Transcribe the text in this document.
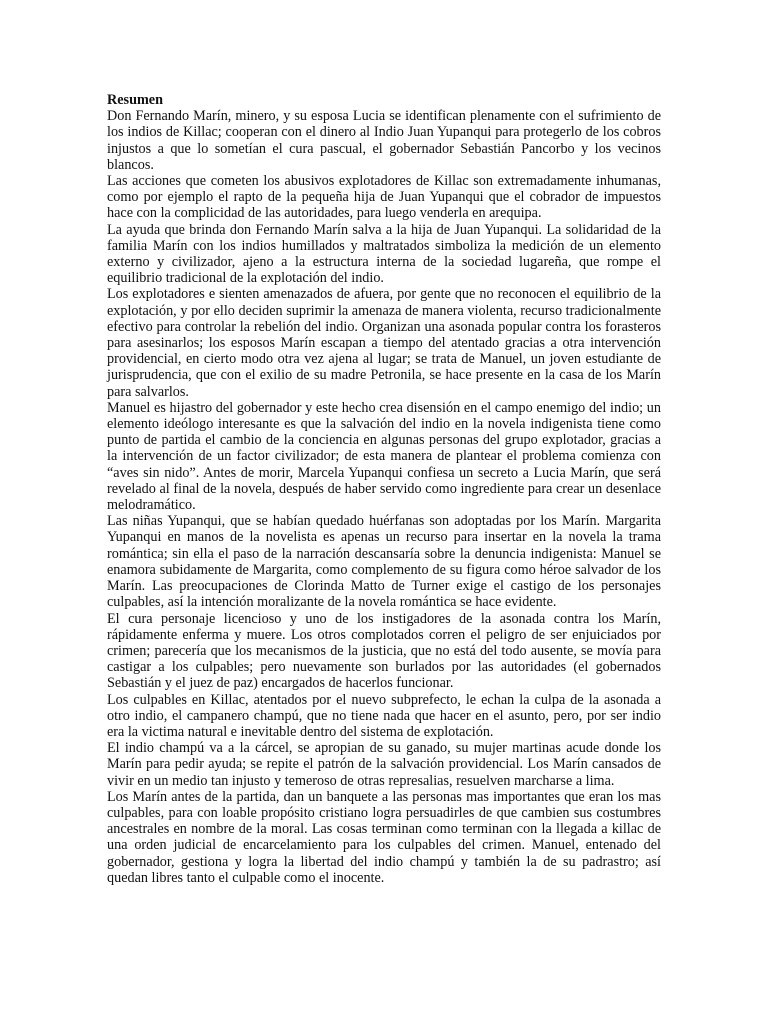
Resumen

Don Fernando Marín, minero, y su esposa Lucia se identifican plenamente con el sufrimiento de los indios de Killac; cooperan con el dinero al Indio Juan Yupanqui para protegerlo de los cobros injustos a que lo sometían el cura pascual, el gobernador Sebastián Pancorbo y los vecinos blancos.

Las acciones que cometen los abusivos explotadores de Killac son extremadamente inhumanas, como por ejemplo el rapto de la pequeña hija de Juan Yupanqui que el cobrador de impuestos hace con la complicidad de las autoridades, para luego venderla en arequipa.

La ayuda que brinda don Fernando Marín salva a la hija de Juan Yupanqui. La solidaridad de la familia Marín con los indios humillados y maltratados simboliza la medición de un elemento externo y civilizador, ajeno a la estructura interna de la sociedad lugareña, que rompe el equilibrio tradicional de la explotación del indio.

Los explotadores e sienten amenazados de afuera, por gente que no reconocen el equilibrio de la explotación, y por ello deciden suprimir la amenaza de manera violenta, recurso tradicionalmente efectivo para controlar la rebelión del indio. Organizan una asonada popular contra los forasteros para asesinarlos; los esposos Marín escapan a tiempo del atentado gracias a otra intervención providencial, en cierto modo otra vez ajena al lugar; se trata de Manuel, un joven estudiante de jurisprudencia, que con el exilio de su madre Petronila, se hace presente en la casa de los Marín para salvarlos.

Manuel es hijastro del gobernador y este hecho crea disensión en el campo enemigo del indio; un elemento ideólogo interesante es que la salvación del indio en la novela indigenista tiene como punto de partida el cambio de la conciencia en algunas personas del grupo explotador, gracias a la intervención de un factor civilizador; de esta manera de plantear el problema comienza con “aves sin nido”. Antes de morir, Marcela Yupanqui confiesa un secreto a Lucia Marín, que será revelado al final de la novela, después de haber servido como ingrediente para crear un desenlace melodramático.

Las niñas Yupanqui, que se habían quedado huérfanas son adoptadas por los Marín. Margarita Yupanqui en manos de la novelista es apenas un recurso para insertar en la novela la trama romántica; sin ella el paso de la narración descansaría sobre la denuncia indigenista: Manuel se enamora subidamente de Margarita, como complemento de su figura como héroe salvador de los Marín. Las preocupaciones de Clorinda Matto de Turner exige el castigo de los personajes culpables, así la intención moralizante de la novela romántica se hace evidente.

El cura personaje licencioso y uno de los instigadores de la asonada contra los Marín, rápidamente enferma y muere. Los otros complotados corren el peligro de ser enjuiciados por crimen; parecería que los mecanismos de la justicia, que no está del todo ausente, se movía para castigar a los culpables; pero nuevamente son burlados por las autoridades (el gobernados Sebastián y el juez de paz) encargados de hacerlos funcionar.

Los culpables en Killac, atentados por el nuevo subprefecto, le echan la culpa de la asonada a otro indio, el campanero champú, que no tiene nada que hacer en el asunto, pero, por ser indio era la victima natural e inevitable dentro del sistema de explotación.

El indio champú va a la cárcel, se apropian de su ganado, su mujer martinas acude donde los Marín para pedir ayuda; se repite el patrón de la salvación providencial. Los Marín cansados de vivir en un medio tan injusto y temeroso de otras represalias, resuelven marcharse a lima.

Los Marín antes de la partida, dan un banquete a las personas mas importantes que eran los mas culpables, para con loable propósito cristiano logra persuadirles de que cambien sus costumbres ancestrales en nombre de la moral. Las cosas terminan como terminan con la llegada a killac de una orden judicial de encarcelamiento para los culpables del crimen. Manuel, entenado del gobernador, gestiona y logra la libertad del indio champú y también la de su padrastro; así quedan libres tanto el culpable como el inocente.
